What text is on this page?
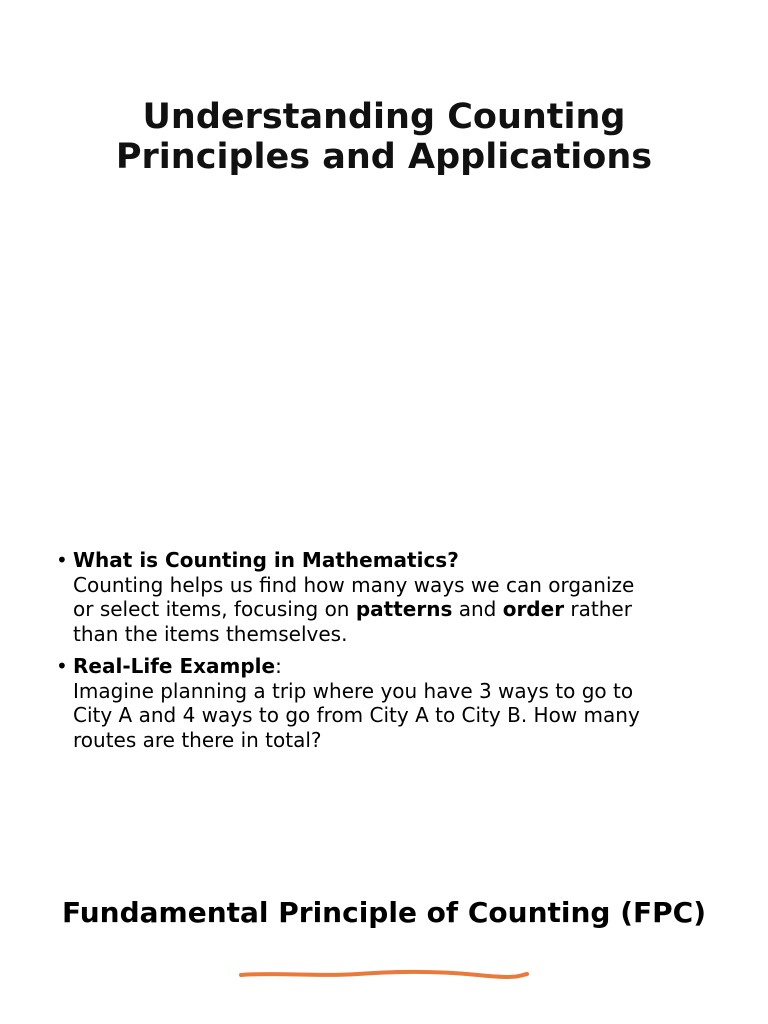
Understanding Counting
Principles and Applications
• What is Counting in Mathematics?
Counting helps us find how many ways we can organize
or select items, focusing on patterns and order rather
than the items themselves.
• Real-Life Example:
Imagine planning a trip where you have 3 ways to go to
City A and 4 ways to go from City A to City B. How many
routes are there in total?
Fundamental Principle of Counting (FPC)
